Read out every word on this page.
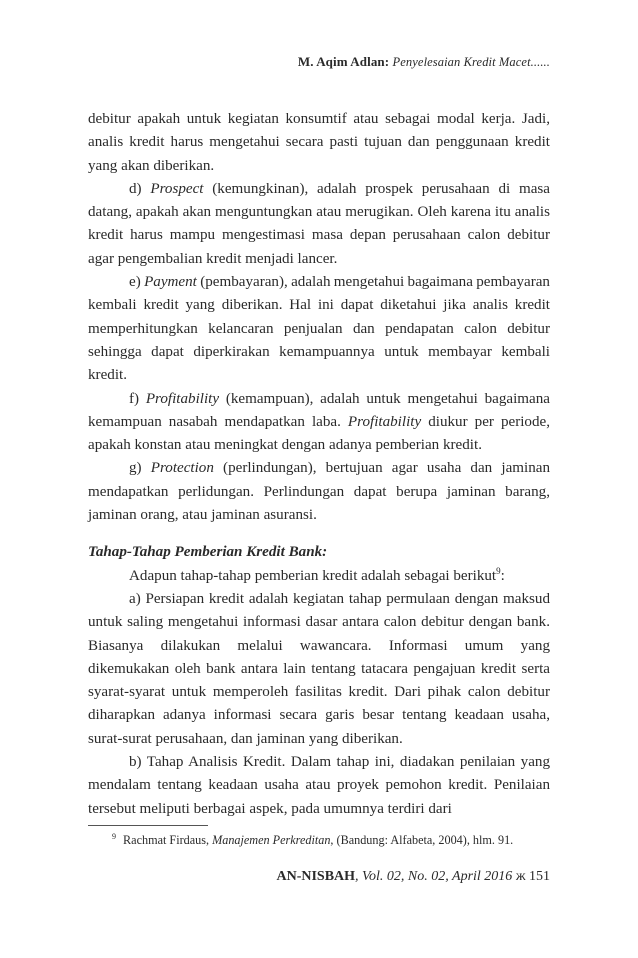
M. Aqim Adlan: Penyelesaian Kredit Macet......

debitur apakah untuk kegiatan konsumtif atau sebagai modal kerja. Jadi, analis kredit harus mengetahui secara pasti tujuan dan penggunaan kredit yang akan diberikan.

d) Prospect (kemungkinan), adalah prospek perusahaan di masa datang, apakah akan menguntungkan atau merugikan. Oleh karena itu analis kredit harus mampu mengestimasi masa depan perusahaan calon debitur agar pengembalian kredit menjadi lancer.

e) Payment (pembayaran), adalah mengetahui bagaimana pembayaran kembali kredit yang diberikan. Hal ini dapat diketahui jika analis kredit memperhitungkan kelancaran penjualan dan pendapatan calon debitur sehingga dapat diperkirakan kemampuannya untuk membayar kembali kredit.

f) Profitability (kemampuan), adalah untuk mengetahui bagaimana kemampuan nasabah mendapatkan laba. Profitability diukur per periode, apakah konstan atau meningkat dengan adanya pemberian kredit.

g) Protection (perlindungan), bertujuan agar usaha dan jaminan mendapatkan perlidungan. Perlindungan dapat berupa jaminan barang, jaminan orang, atau jaminan asuransi.

Tahap-Tahap Pemberian Kredit Bank:

Adapun tahap-tahap pemberian kredit adalah sebagai berikut$^9$:

a) Persiapan kredit adalah kegiatan tahap permulaan dengan maksud untuk saling mengetahui informasi dasar antara calon debitur dengan bank. Biasanya dilakukan melalui wawancara. Informasi umum yang dikemukakan oleh bank antara lain tentang tatacara pengajuan kredit serta syarat-syarat untuk memperoleh fasilitas kredit. Dari pihak calon debitur diharapkan adanya informasi secara garis besar tentang keadaan usaha, surat-surat perusahaan, dan jaminan yang diberikan.

b) Tahap Analisis Kredit. Dalam tahap ini, diadakan penilaian yang mendalam tentang keadaan usaha atau proyek pemohon kredit. Penilaian tersebut meliputi berbagai aspek, pada umumnya terdiri dari

$^9$ Rachmat Firdaus, Manajemen Perkreditan, (Bandung: Alfabeta, 2004), hlm. 91.
AN-NISBAH, Vol. 02, No. 02, April 2016 ж 151
